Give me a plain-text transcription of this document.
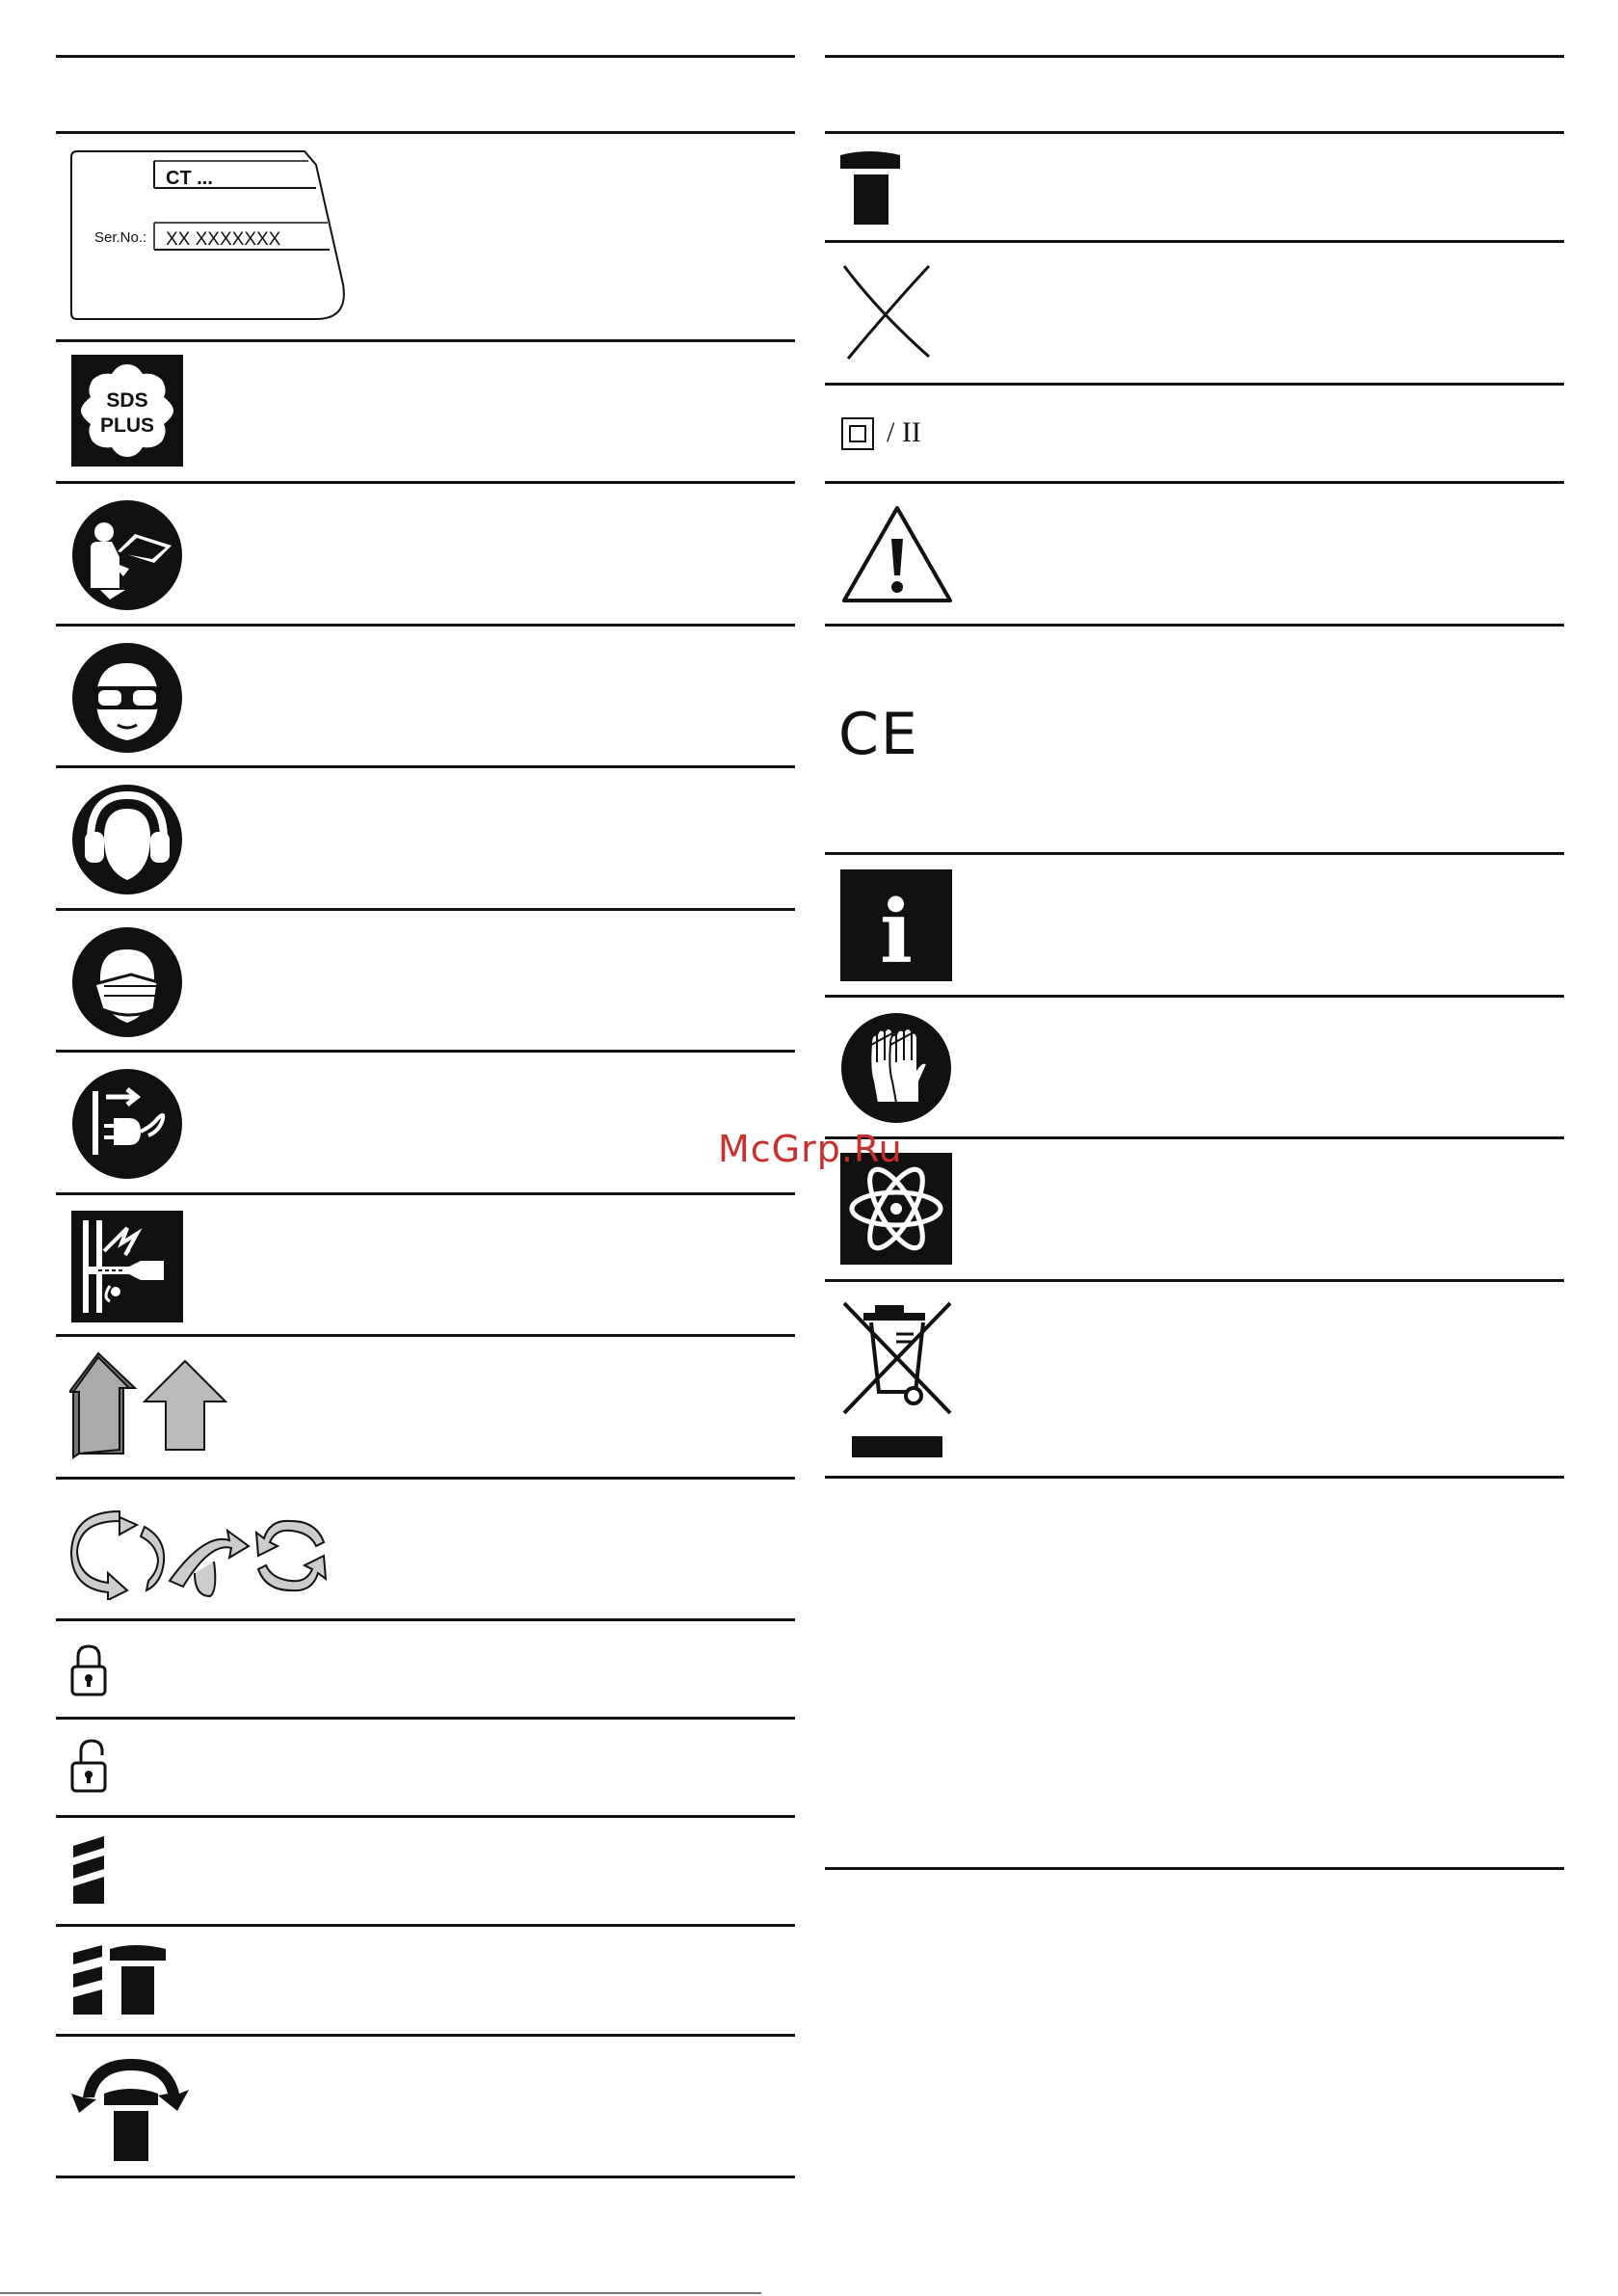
CT ...
Ser.No.: XX XXXXXXX
SDS
PLUS	/ II
CE
i
McGrp.Ru
